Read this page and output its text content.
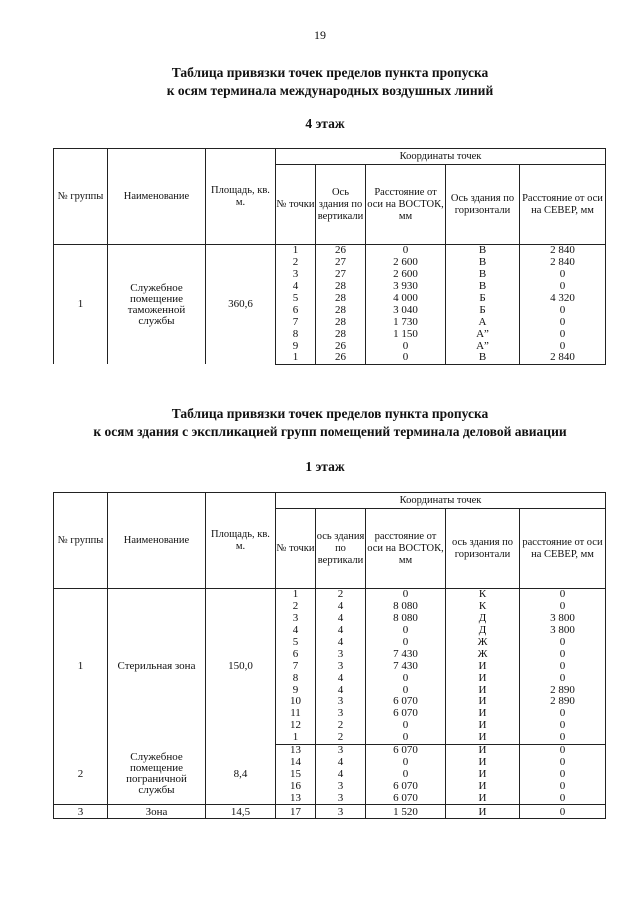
19
Таблица привязки точек пределов пункта пропуска
к осям терминала международных воздушных линий
4 этаж
№ группы	Наименование	Площадь, кв. м.	Координаты точек				
			№ точки	Ось здания по вертикали	Расстояние от оси на ВОСТОК, мм	Ось здания по горизонтали	Расстояние от оси на СЕВЕР, мм
1	Служебное помещение таможенной службы	360,6	1	26	0	В	2 840
			2	27	2 600	В	2 840
			3	27	2 600	В	0
			4	28	3 930	В	0
			5	28	4 000	Б	4 320
			6	28	3 040	Б	0
			7	28	1 730	А	0
			8	28	1 150	А”	0
			9	26	0	А”	0
			1	26	0	В	2 840
Таблица привязки точек пределов пункта пропуска
к осям здания с экспликацией групп помещений терминала деловой авиации
1 этаж
№ группы	Наименование	Площадь, кв. м.	Координаты точек				
			№ точки	ось здания по вертикали	расстояние от оси на ВОСТОК, мм	ось здания по горизонтали	расстояние от оси на СЕВЕР, мм
1	Стерильная зона	150,0	1	2	0	К	0
			2	4	8 080	К	0
			3	4	8 080	Д	3 800
			4	4	0	Д	3 800
			5	4	0	Ж	0
			6	3	7 430	Ж	0
			7	3	7 430	И	0
			8	4	0	И	0
			9	4	0	И	2 890
			10	3	6 070	И	2 890
			11	3	6 070	И	0
			12	2	0	И	0
			1	2	0	И	0
2	Служебное помещение пограничной службы	8,4	13	3	6 070	И	0
			14	4	0	И	0
			15	4	0	И	0
			16	3	6 070	И	0
			13	3	6 070	И	0
3	Зона	14,5	17	3	1 520	И	0
